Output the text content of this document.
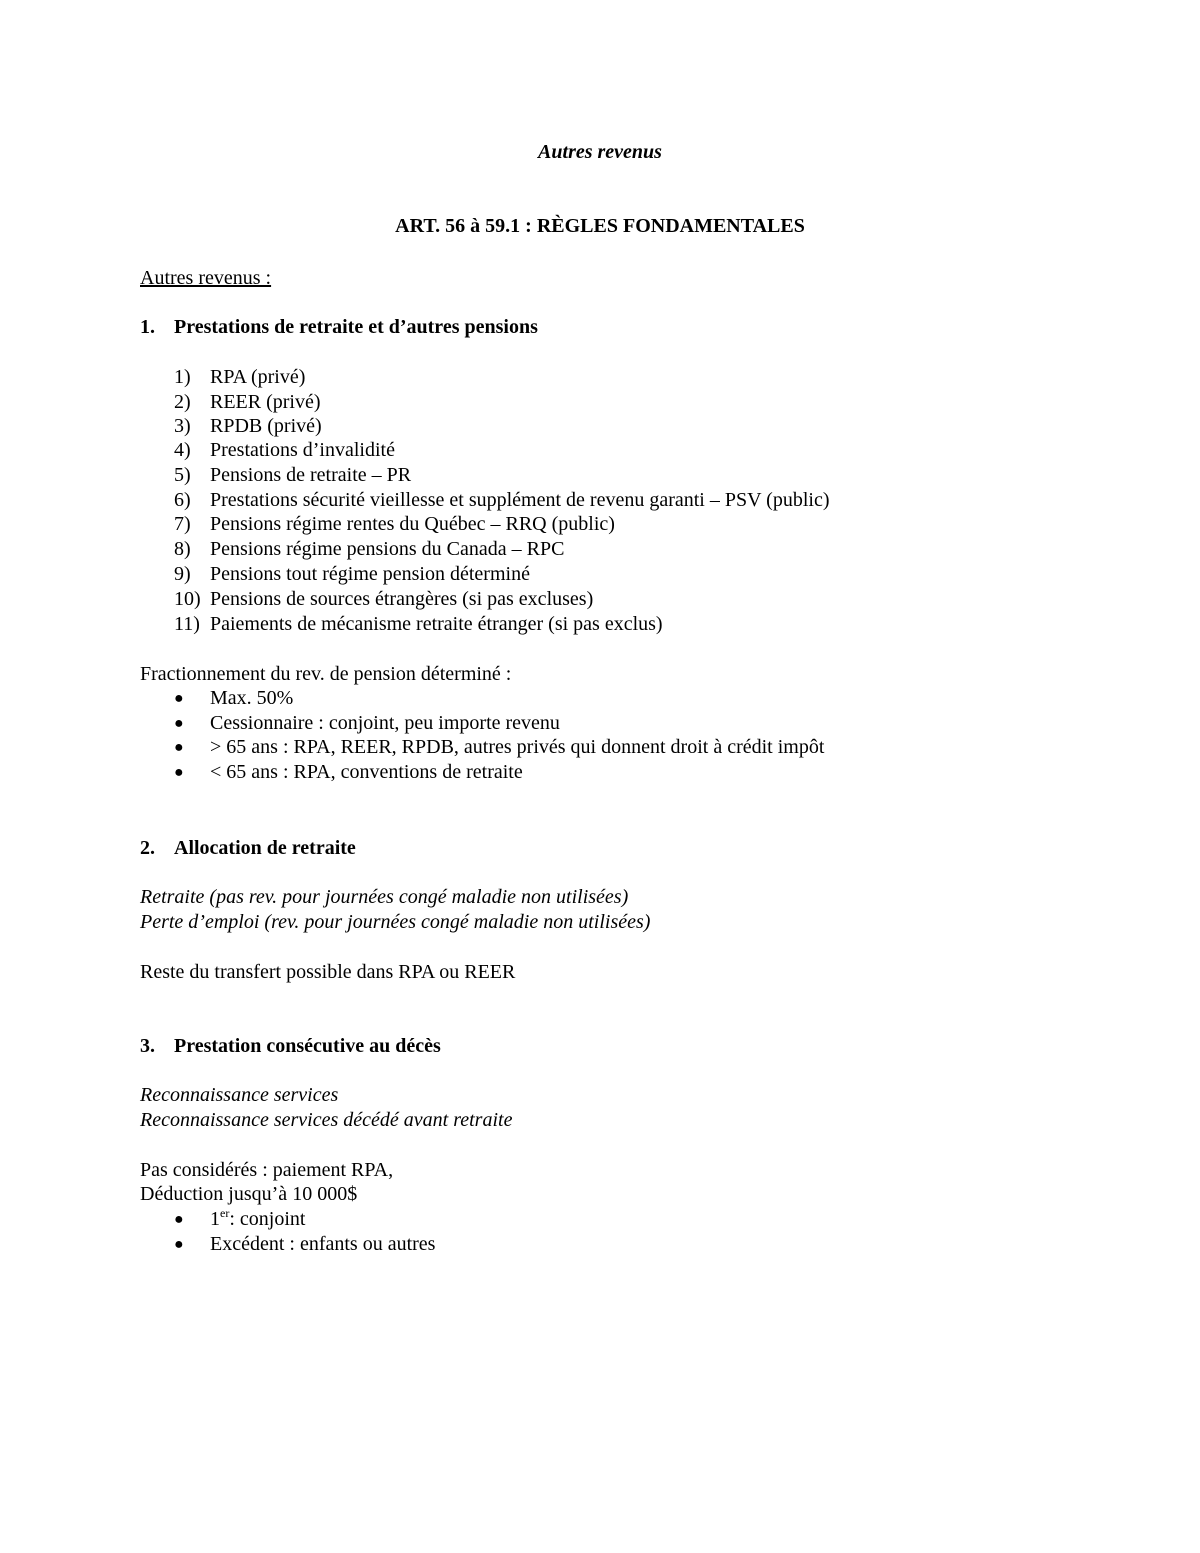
Autres revenus
ART. 56 à 59.1 : RÈGLES FONDAMENTALES
Autres revenus :
1. Prestations de retraite et d’autres pensions
1) RPA (privé)
2) REER (privé)
3) RPDB (privé)
4) Prestations d’invalidité
5) Pensions de retraite – PR
6) Prestations sécurité vieillesse et supplément de revenu garanti – PSV (public)
7) Pensions régime rentes du Québec – RRQ (public)
8) Pensions régime pensions du Canada – RPC
9) Pensions tout régime pension déterminé
10) Pensions de sources étrangères (si pas excluses)
11) Paiements de mécanisme retraite étranger (si pas exclus)
Fractionnement du rev. de pension déterminé :
● Max. 50%
● Cessionnaire : conjoint, peu importe revenu
● > 65 ans : RPA, REER, RPDB, autres privés qui donnent droit à crédit impôt
● < 65 ans : RPA, conventions de retraite
2. Allocation de retraite
Retraite (pas rev. pour journées congé maladie non utilisées)
Perte d’emploi (rev. pour journées congé maladie non utilisées)
Reste du transfert possible dans RPA ou REER
3. Prestation consécutive au décès
Reconnaissance services
Reconnaissance services décédé avant retraite
Pas considérés : paiement RPA,
Déduction jusqu’à 10 000$
● 1er: conjoint
● Excédent : enfants ou autres
